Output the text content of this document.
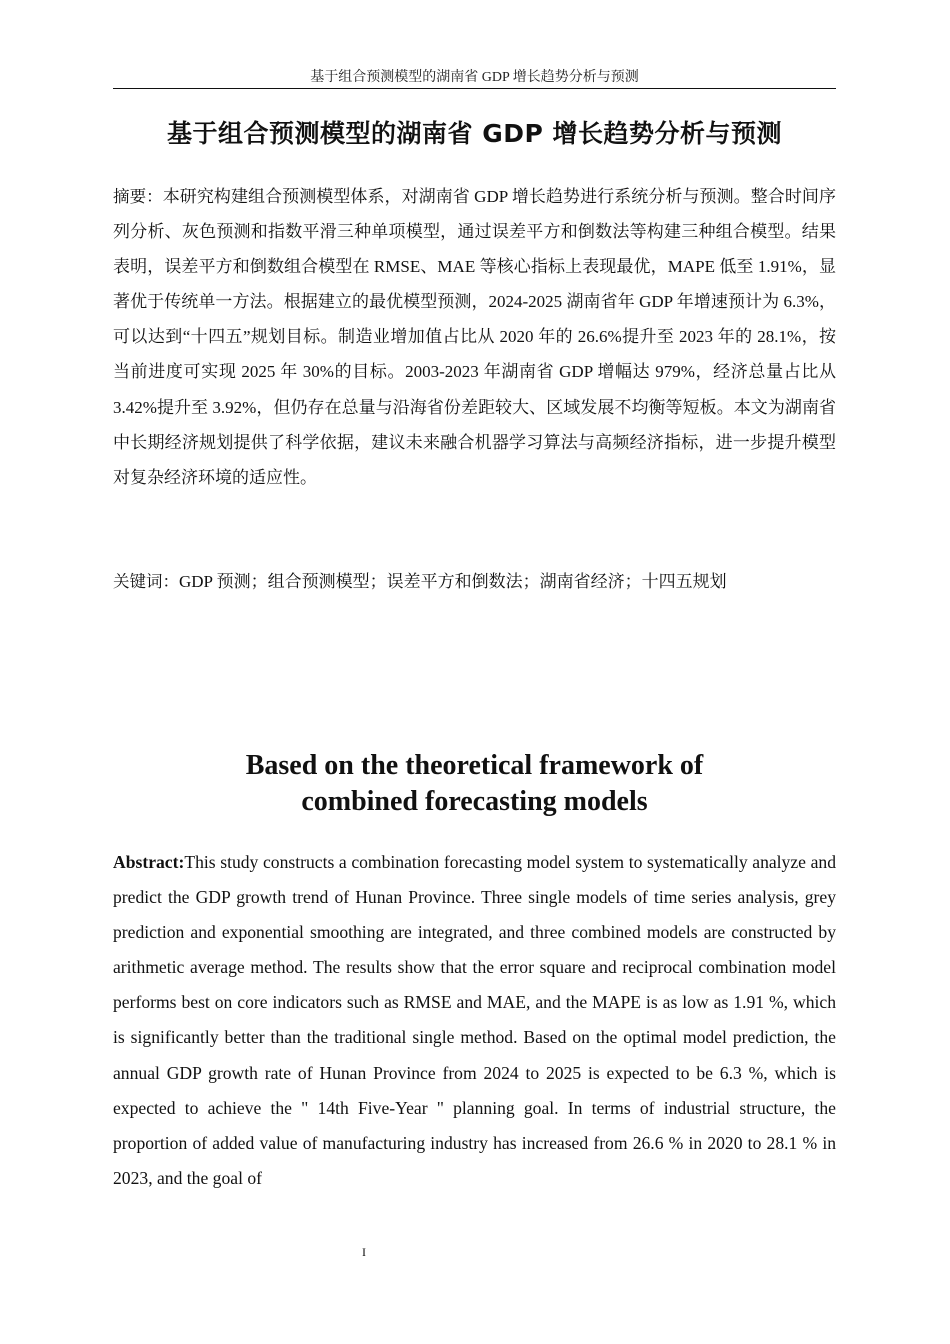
基于组合预测模型的湖南省 GDP 增长趋势分析与预测
基于组合预测模型的湖南省 GDP 增长趋势分析与预测

摘要：本研究构建组合预测模型体系，对湖南省 GDP 增长趋势进行系统分析与预测。整合时间序列分析、灰色预测和指数平滑三种单项模型，通过误差平方和倒数法等构建三种组合模型。结果表明，误差平方和倒数组合模型在 RMSE、MAE 等核心指标上表现最优，MAPE 低至 1.91%，显著优于传统单一方法。根据建立的最优模型预测，2024-2025 湖南省年 GDP 年增速预计为 6.3%，可以达到“十四五”规划目标。制造业增加值占比从 2020 年的 26.6%提升至 2023 年的 28.1%，按当前进度可实现 2025 年 30%的目标。2003-2023 年湖南省 GDP 增幅达 979%，经济总量占比从 3.42%提升至 3.92%，但仍存在总量与沿海省份差距较大、区域发展不均衡等短板。本文为湖南省中长期经济规划提供了科学依据，建议未来融合机器学习算法与高频经济指标，进一步提升模型对复杂经济环境的适应性。

关键词：GDP 预测；组合预测模型；误差平方和倒数法；湖南省经济；十四五规划

Based on the theoretical framework of
combined forecasting models

Abstract:This study constructs a combination forecasting model system to systematically analyze and predict the GDP growth trend of Hunan Province. Three single models of time series analysis, grey prediction and exponential smoothing are integrated, and three combined models are constructed by arithmetic average method. The results show that the error square and reciprocal combination model performs best on core indicators such as RMSE and MAE, and the MAPE is as low as 1.91 %, which is significantly better than the traditional single method. Based on the optimal model prediction, the annual GDP growth rate of Hunan Province from 2024 to 2025 is expected to be 6.3 %, which is expected to achieve the " 14th Five-Year " planning goal. In terms of industrial structure, the proportion of added value of manufacturing industry has increased from 26.6 % in 2020 to 28.1 % in 2023, and the goal of

I
